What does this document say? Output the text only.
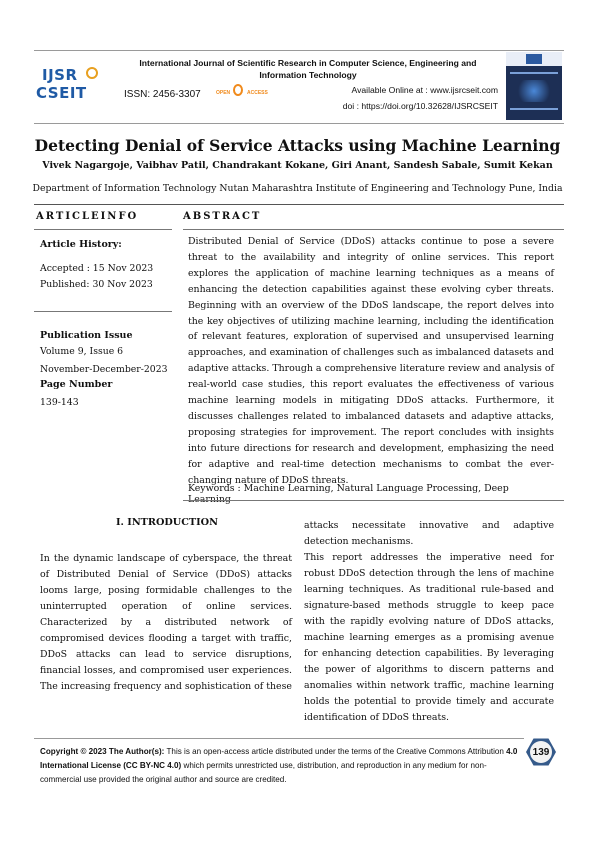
IJSR
CSEIT
International Journal of Scientific Research in Computer Science, Engineering and Information Technology
ISSN: 2456-3307	OPEN	ACCESS	Available Online at : www.ijsrcseit.com
doi : https://doi.org/10.32628/IJSRCSEIT
Detecting Denial of Service Attacks using Machine Learning
Vivek Nagargoje, Vaibhav Patil, Chandrakant Kokane, Giri Anant, Sandesh Sabale, Sumit Kekan
Department of Information Technology Nutan Maharashtra Institute of Engineering and Technology Pune, India
ARTICLEINFO	ABSTRACT
Article History:
Accepted : 15 Nov 2023
Published: 30 Nov 2023
Publication Issue
Volume 9, Issue 6
November-December-2023
Page Number
139-143
Distributed Denial of Service (DDoS) attacks continue to pose a severe threat to the availability and integrity of online services. This report explores the application of machine learning techniques as a means of enhancing the detection capabilities against these evolving cyber threats. Beginning with an overview of the DDoS landscape, the report delves into the key objectives of utilizing machine learning, including the identification of relevant features, exploration of supervised and unsupervised learning approaches, and examination of challenges such as imbalanced datasets and adaptive attacks. Through a comprehensive literature review and analysis of real-world case studies, this report evaluates the effectiveness of various machine learning models in mitigating DDoS attacks. Furthermore, it discusses challenges related to imbalanced datasets and adaptive attacks, proposing strategies for improvement. The report concludes with insights into future directions for research and development, emphasizing the need for adaptive and real-time detection mechanisms to combat the ever-changing nature of DDoS threats.
Keywords : Machine Learning, Natural Language Processing, Deep Learning
I. INTRODUCTION

In the dynamic landscape of cyberspace, the threat of Distributed Denial of Service (DDoS) attacks looms large, posing formidable challenges to the uninterrupted operation of online services. Characterized by a distributed network of compromised devices flooding a target with traffic, DDoS attacks can lead to service disruptions, financial losses, and compromised user experiences. The increasing frequency and sophistication of these

attacks necessitate innovative and adaptive detection mechanisms.

This report addresses the imperative need for robust DDoS detection through the lens of machine learning techniques. As traditional rule-based and signature-based methods struggle to keep pace with the rapidly evolving nature of DDoS attacks, machine learning emerges as a promising avenue for enhancing detection capabilities. By leveraging the power of algorithms to discern patterns and anomalies within network traffic, machine learning holds the potential to provide timely and accurate identification of DDoS threats.

Copyright © 2023 The Author(s): This is an open-access article distributed under the terms of the Creative Commons Attribution 4.0 International License (CC BY-NC 4.0) which permits unrestricted use, distribution, and reproduction in any medium for non-commercial use provided the original author and source are credited.
139
